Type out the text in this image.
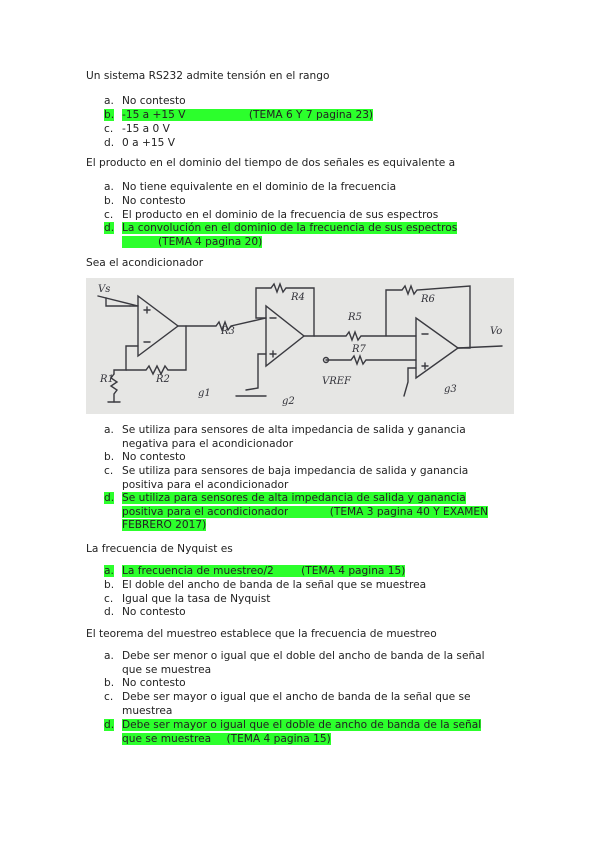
Un sistema RS232 admite tensión en el rango
a. No contesto
b. -15 a +15 V	(TEMA 6 Y 7 pagina 23)
c. -15 a 0 V
d. 0 a +15 V
El producto en el dominio del tiempo de dos señales es equivalente a
a. No tiene equivalente en el dominio de la frecuencia
b. No contesto
c. El producto en el dominio de la frecuencia de sus espectros
d. La convolución en el dominio de la frecuencia de sus espectros
(TEMA 4 pagina 20)
Sea el acondicionador
Vs
R1	R2
R3
R4
R5
R6
R7
VREF
Vo
g1
g2
g3
a. Se utiliza para sensores de alta impedancia de salida y ganancia
negativa para el acondicionador
b. No contesto
c. Se utiliza para sensores de baja impedancia de salida y ganancia
positiva para el acondicionador
d. Se utiliza para sensores de alta impedancia de salida y ganancia
positiva para el acondicionador	(TEMA 3 pagina 40 Y EXAMEN
FEBRERO 2017)
La frecuencia de Nyquist es
a. La frecuencia de muestreo/2	(TEMA 4 pagina 15)
b. El doble del ancho de banda de la señal que se muestrea
c. Igual que la tasa de Nyquist
d. No contesto
El teorema del muestreo establece que la frecuencia de muestreo
a. Debe ser menor o igual que el doble del ancho de banda de la señal
que se muestrea
b. No contesto
c. Debe ser mayor o igual que el ancho de banda de la señal que se
muestrea
d. Debe ser mayor o igual que el doble de ancho de banda de la señal
que se muestrea (TEMA 4 pagina 15)
